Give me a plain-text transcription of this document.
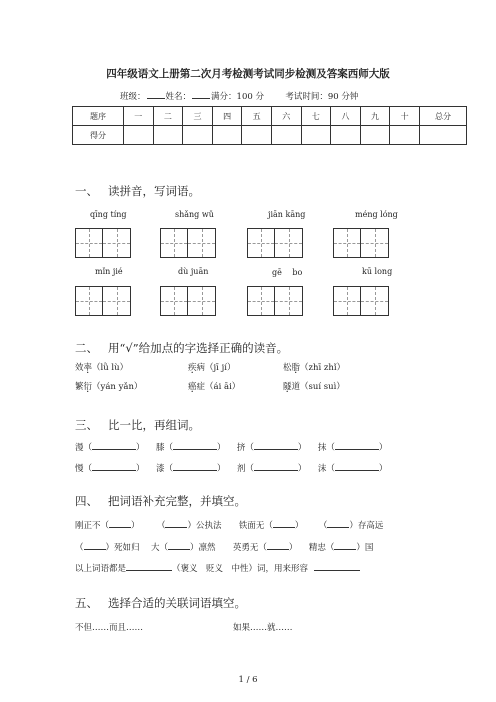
四年级语文上册第二次月考检测考试同步检测及答案西师大版
班级： 姓名： 满分：100 分	考试时间：90 分钟
题序	一	二	三	四	五	六	七	八	九	十	总分
得分											
一、 读拼音，写词语。
qīng tíng	shǎng wǔ	jiān kāng	méng lóng
mǐn jié	dù juān	gē　 bo	kū long
二、 用“√”给加点的字选择正确的读音。
效率（lǜ lù）	疾病（jī jí）	松脂（zhī zhǐ）
繁衍（yán yǎn）	癌症（ái āi）	隧道（suí suì）
三、 比一比，再组词。
漫（	） 膝（	） 挤（	） 抹（	）
慢（	） 漆（	） 剂（	） 沫（	）
四、 把词语补充完整，并填空。
刚正不（	） （	）公执法 铁面无（	） （	）存高远
（	）死如归 大（	）凛然 英勇无（	） 精忠（	）国
以上词语都是	（褒义　贬义　中性）词，用来形容
五、 选择合适的关联词语填空。
不但……而且……	如果……就……
1 / 6
